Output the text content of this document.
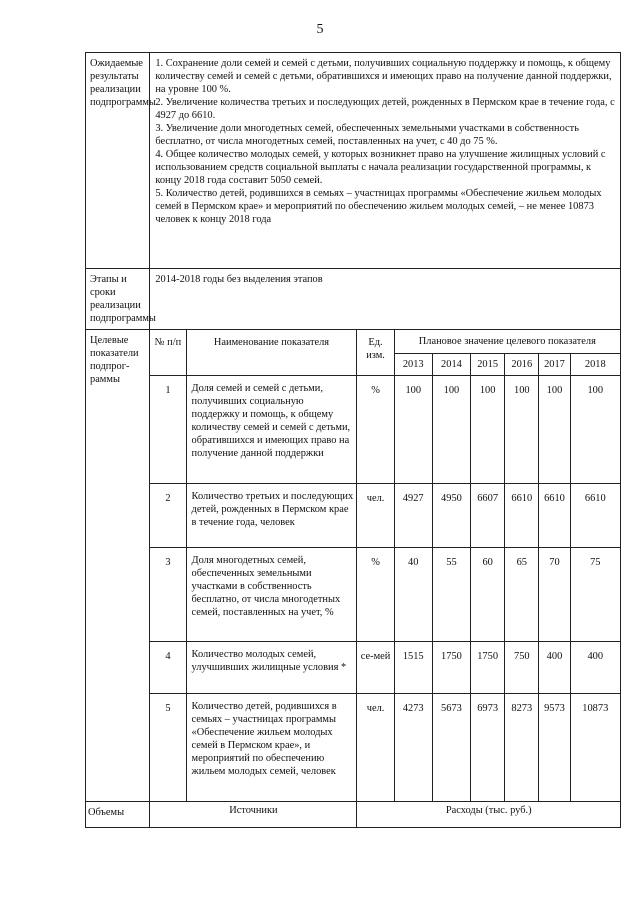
5
Ожидаемые результаты реализации подпрограммы	1. Сохранение доли семей и семей с детьми, получивших социальную поддержку и помощь, к общему количеству семей и семей с детьми, обратившихся и имеющих право на получение данной поддержки, на уровне 100 %.

2. Увеличение количества третьих и последующих детей, рожденных в Пермском крае в течение года, с 4927 до 6610.

3. Увеличение доли многодетных семей, обеспеченных земельными участками в собственность бесплатно, от числа многодетных семей, поставленных на учет, с 40 до 75 %.

4. Общее количество молодых семей, у которых возникнет право на улучшение жилищных условий с использованием средств социальной выплаты с начала реализации государственной программы, к концу 2018 года составит 5050 семей.

5. Количество детей, родившихся в семьях – участницах программы «Обеспечение жильем молодых семей в Пермском крае» и мероприятий по обеспечению жильем молодых семей, – не менее 10873 человек к концу 2018 года								

Этапы и сроки реализации подпрограммы	2014-2018 годы без выделения этапов								
Целевые показатели подпрог-раммы	№ п/п	Наименование показателя	Ед. изм.	Плановое значение целевого показателя					
				2013	2014	2015	2016	2017	2018
	1	Доля семей и семей с детьми, получивших социальную поддержку и помощь, к общему количеству семей и семей с детьми, обратившихся и имеющих право на получение данной поддержки	%	100	100	100	100	100	100
	2	Количество третьих и последующих детей, рожденных в Пермском крае в течение года, человек	чел.	4927	4950	6607	6610	6610	6610
	3	Доля многодетных семей, обеспеченных земельными участками в собственность бесплатно, от числа многодетных семей, поставленных на учет, %	%	40	55	60	65	70	75
	4	Количество молодых семей, улучшивших жилищные условия *	се-мей	1515	1750	1750	750	400	400
	5	Количество детей, родившихся в семьях – участницах программы «Обеспечение жильем молодых семей в Пермском крае», и мероприятий по обеспечению жильем молодых семей, человек	чел.	4273	5673	6973	8273	9573	10873
Объемы	Источники		Расходы (тыс. руб.)						
